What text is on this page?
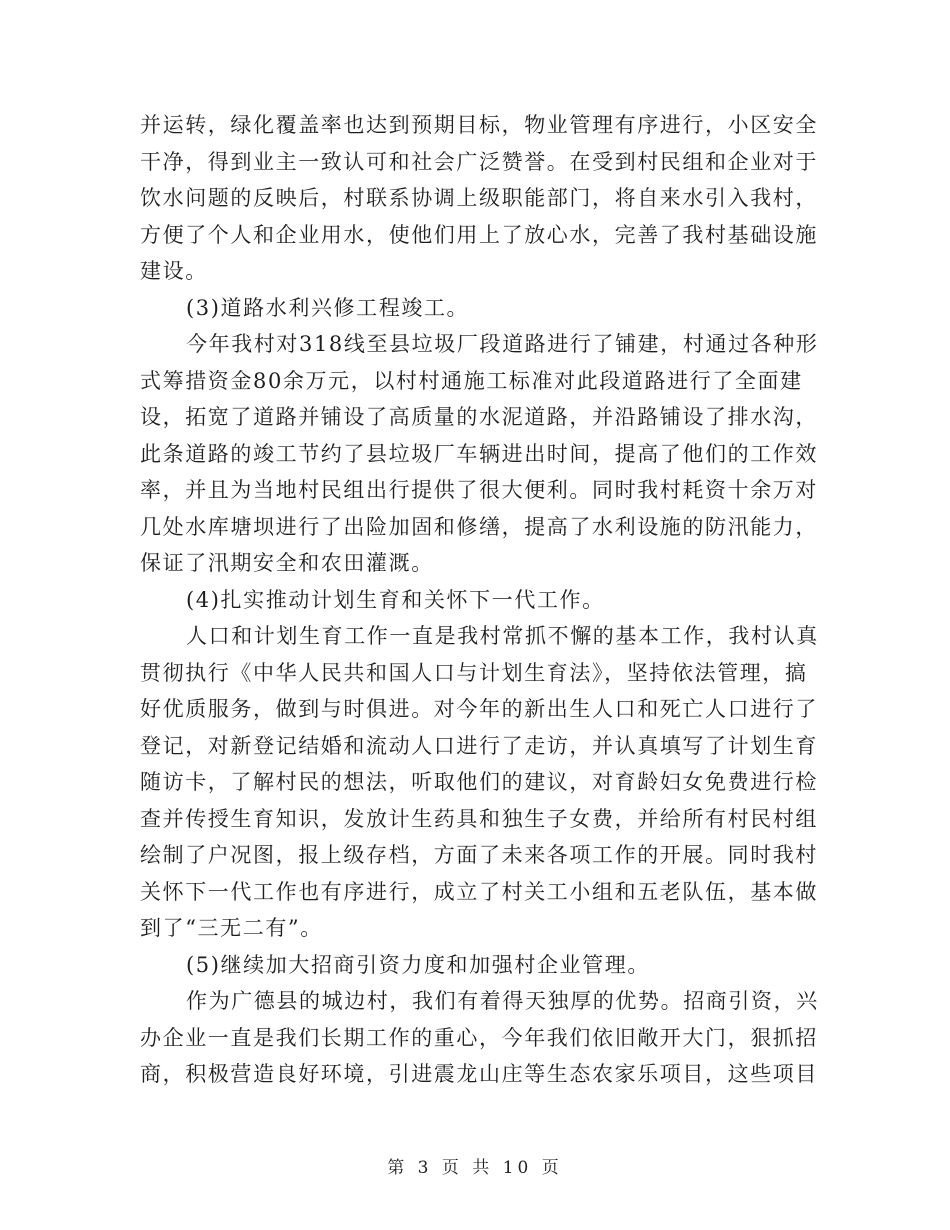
并运转，绿化覆盖率也达到预期目标，物业管理有序进行，小区安全干净，得到业主一致认可和社会广泛赞誉。在受到村民组和企业对于饮水问题的反映后，村联系协调上级职能部门，将自来水引入我村，方便了个人和企业用水，使他们用上了放心水，完善了我村基础设施建设。

(3)道路水利兴修工程竣工。

今年我村对318线至县垃圾厂段道路进行了铺建，村通过各种形式筹措资金80余万元，以村村通施工标准对此段道路进行了全面建设，拓宽了道路并铺设了高质量的水泥道路，并沿路铺设了排水沟，此条道路的竣工节约了县垃圾厂车辆进出时间，提高了他们的工作效率，并且为当地村民组出行提供了很大便利。同时我村耗资十余万对几处水库塘坝进行了出险加固和修缮，提高了水利设施的防汛能力，保证了汛期安全和农田灌溉。

(4)扎实推动计划生育和关怀下一代工作。

人口和计划生育工作一直是我村常抓不懈的基本工作，我村认真贯彻执行《中华人民共和国人口与计划生育法》，坚持依法管理，搞好优质服务，做到与时俱进。对今年的新出生人口和死亡人口进行了登记，对新登记结婚和流动人口进行了走访，并认真填写了计划生育随访卡，了解村民的想法，听取他们的建议，对育龄妇女免费进行检查并传授生育知识，发放计生药具和独生子女费，并给所有村民村组绘制了户况图，报上级存档，方面了未来各项工作的开展。同时我村关怀下一代工作也有序进行，成立了村关工小组和五老队伍，基本做到了“三无二有”。

(5)继续加大招商引资力度和加强村企业管理。

作为广德县的城边村，我们有着得天独厚的优势。招商引资，兴办企业一直是我们长期工作的重心，今年我们依旧敞开大门，狠抓招商，积极营造良好环境，引进震龙山庄等生态农家乐项目，这些项目

第 3 页 共 10 页
